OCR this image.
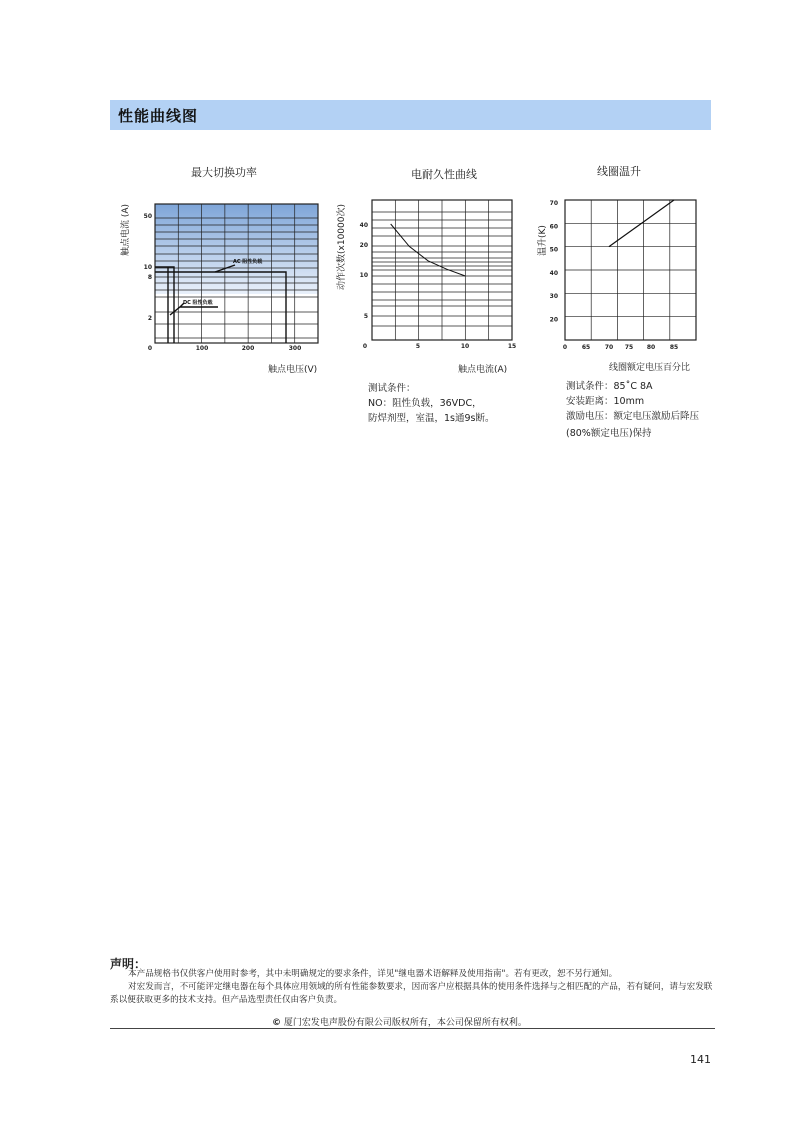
性能曲线图
最大切换功率
触点电流 (A) 50
10
8
2
0	100	200	300
AC 阻性负载
DC 阻性负载
触点电压(V)
电耐久性曲线
动作次数(x10000次) 40
20
10
5
0	5	10	15
触点电流(A)
测试条件：
NO：阻性负载，36VDC，
防焊剂型，室温，1s通9s断。
线圈温升
温升(K)
70
60
50
40
30
20
0 65 70 75 80 85
线圈额定电压百分比
测试条件：85˚C 8A
安装距离：10mm
激励电压：额定电压激励后降压
(80%额定电压)保持
声明：
本产品规格书仅供客户使用时参考，其中未明确规定的要求条件，详见"继电器术语解释及使用指南"。若有更改，恕不另行通知。
对宏发而言，不可能评定继电器在每个具体应用领域的所有性能参数要求，因而客户应根据具体的使用条件选择与之相匹配的产品，若有疑问，请与宏发联系以便获取更多的技术支持。但产品选型责任仅由客户负责。
© 厦门宏发电声股份有限公司版权所有，本公司保留所有权利。
141
